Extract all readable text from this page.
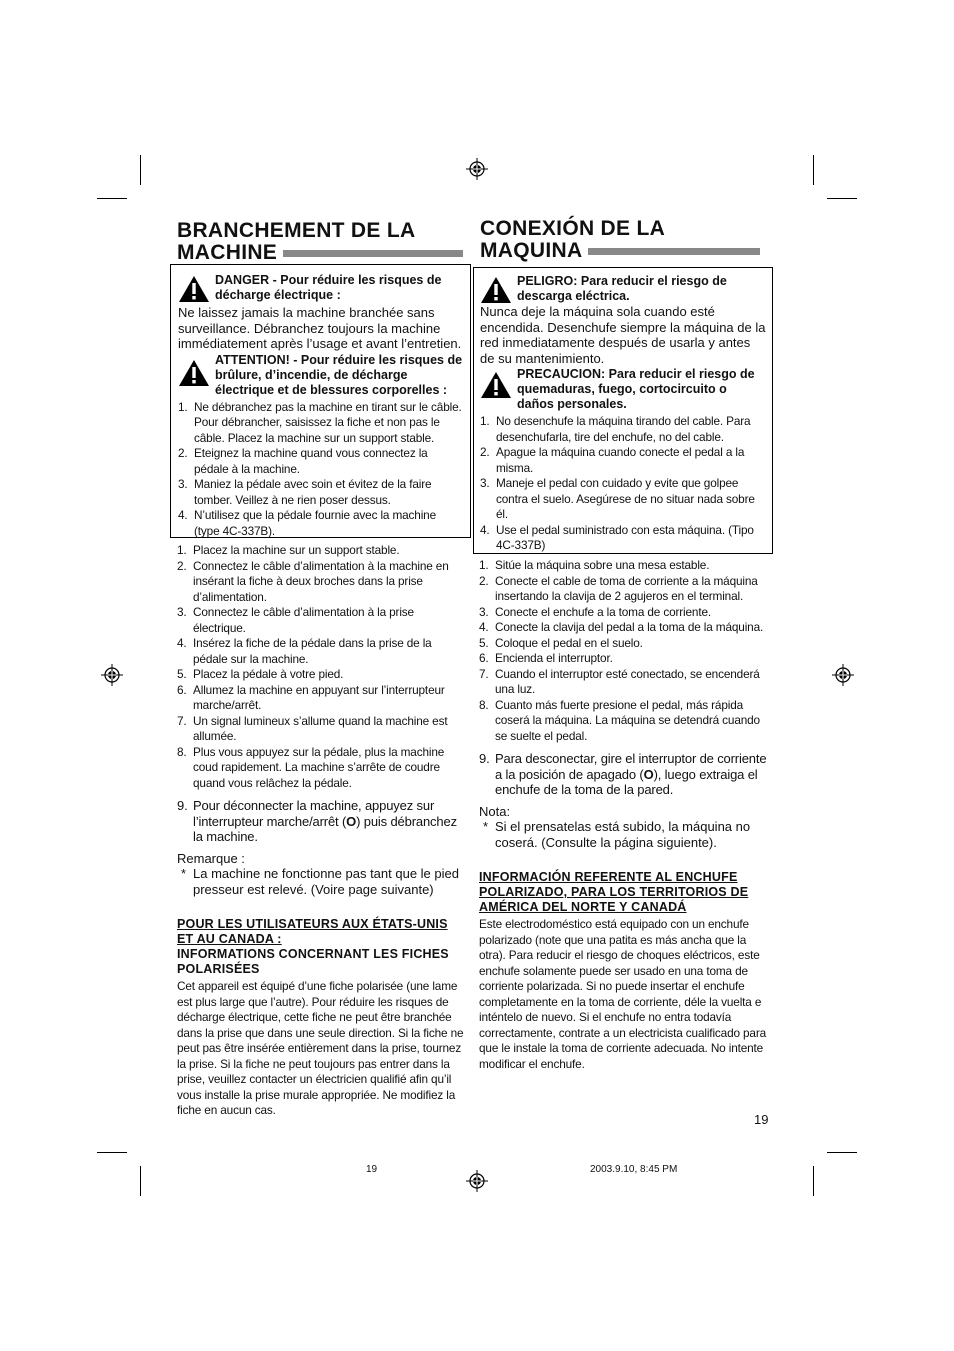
BRANCHEMENT DE LA
MACHINE
DANGER - Pour réduire les risques de décharge électrique :
Ne laissez jamais la machine branchée sans surveillance. Débranchez toujours la machine immédiatement après l’usage et avant l’entretien.
ATTENTION! - Pour réduire les risques de brûlure, d’incendie, de décharge électrique et de blessures corporelles :
1. Ne débranchez pas la machine en tirant sur le câble. Pour débrancher, saisissez la fiche et non pas le câble. Placez la machine sur un support stable.
2. Eteignez la machine quand vous connectez la pédale à la machine.
3. Maniez la pédale avec soin et évitez de la faire tomber. Veillez à ne rien poser dessus.
4. N’utilisez que la pédale fournie avec la machine (type 4C-337B).
1. Placez la machine sur un support stable.
2. Connectez le câble d’alimentation à la machine en insérant la fiche à deux broches dans la prise d’alimentation.
3. Connectez le câble d’alimentation à la prise électrique.
4. Insérez la fiche de la pédale dans la prise de la pédale sur la machine.
5. Placez la pédale à votre pied.
6. Allumez la machine en appuyant sur l’interrupteur marche/arrêt.
7. Un signal lumineux s’allume quand la machine est allumée.
8. Plus vous appuyez sur la pédale, plus la machine coud rapidement. La machine s’arrête de coudre quand vous relâchez la pédale.
9. Pour déconnecter la machine, appuyez sur l’interrupteur marche/arrêt (O) puis débranchez la machine.
Remarque :
* La machine ne fonctionne pas tant que le pied presseur est relevé. (Voire page suivante)
POUR LES UTILISATEURS AUX ÉTATS-UNIS ET AU CANADA :
INFORMATIONS CONCERNANT LES FICHES POLARISÉES
Cet appareil est équipé d’une fiche polarisée (une lame est plus large que l’autre). Pour réduire les risques de décharge électrique, cette fiche ne peut être branchée dans la prise que dans une seule direction. Si la fiche ne peut pas être insérée entièrement dans la prise, tournez la prise. Si la fiche ne peut toujours pas entrer dans la prise, veuillez contacter un électricien qualifié afin qu’il vous installe la prise murale appropriée. Ne modifiez la fiche en aucun cas.
CONEXIÓN DE LA
MAQUINA
PELIGRO: Para reducir el riesgo de descarga eléctrica.
Nunca deje la máquina sola cuando esté encendida. Desenchufe siempre la máquina de la red inmediatamente después de usarla y antes de su mantenimiento.
PRECAUCION: Para reducir el riesgo de quemaduras, fuego, cortocircuito o daños personales.
1. No desenchufe la máquina tirando del cable. Para desenchufarla, tire del enchufe, no del cable.
2. Apague la máquina cuando conecte el pedal a la misma.
3. Maneje el pedal con cuidado y evite que golpee contra el suelo. Asegúrese de no situar nada sobre él.
4. Use el pedal suministrado con esta máquina. (Tipo 4C-337B)
1. Sitúe la máquina sobre una mesa estable.
2. Conecte el cable de toma de corriente a la máquina insertando la clavija de 2 agujeros en el terminal.
3. Conecte el enchufe a la toma de corriente.
4. Conecte la clavija del pedal a la toma de la máquina.
5. Coloque el pedal en el suelo.
6. Encienda el interruptor.
7. Cuando el interruptor esté conectado, se encenderá una luz.
8. Cuanto más fuerte presione el pedal, más rápida coserá la máquina. La máquina se detendrá cuando se suelte el pedal.
9. Para desconectar, gire el interruptor de corriente a la posición de apagado (O), luego extraiga el enchufe de la toma de la pared.
Nota:
* Si el prensatelas está subido, la máquina no coserá. (Consulte la página siguiente).
INFORMACIÓN REFERENTE AL ENCHUFE POLARIZADO, PARA LOS TERRITORIOS DE AMÉRICA DEL NORTE Y CANADÁ
Este electrodoméstico está equipado con un enchufe polarizado (note que una patita es más ancha que la otra). Para reducir el riesgo de choques eléctricos, este enchufe solamente puede ser usado en una toma de corriente polarizada. Si no puede insertar el enchufe completamente en la toma de corriente, déle la vuelta e inténtelo de nuevo. Si el enchufe no entra todavía correctamente, contrate a un electricista cualificado para que le instale la toma de corriente adecuada. No intente modificar el enchufe.
19
19	2003.9.10, 8:45 PM
